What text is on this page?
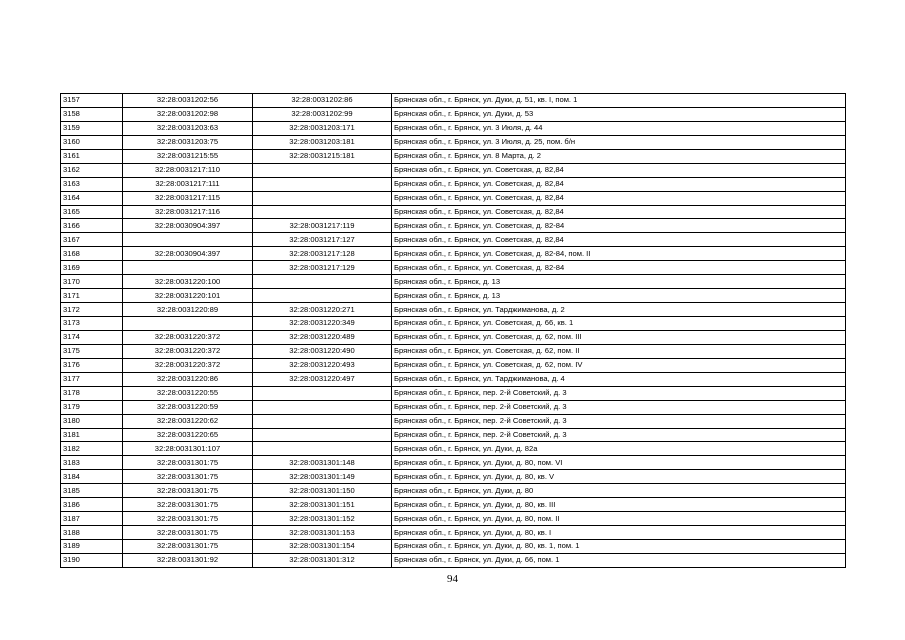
3157	32:28:0031202:56	32:28:0031202:86	Брянская обл., г. Брянск, ул. Дуки, д. 51, кв. I, пом. 1
3158	32:28:0031202:98	32:28:0031202:99	Брянская обл., г. Брянск, ул. Дуки, д. 53
3159	32:28:0031203:63	32:28:0031203:171	Брянская обл., г. Брянск, ул. 3 Июля, д. 44
3160	32:28:0031203:75	32:28:0031203:181	Брянская обл., г. Брянск, ул. 3 Июля, д. 25, пом. б/н
3161	32:28:0031215:55	32:28:0031215:181	Брянская обл., г. Брянск, ул. 8 Марта, д. 2
3162	32:28:0031217:110		Брянская обл., г. Брянск, ул. Советская, д. 82,84
3163	32:28:0031217:111		Брянская обл., г. Брянск, ул. Советская, д. 82,84
3164	32:28:0031217:115		Брянская обл., г. Брянск, ул. Советская, д. 82,84
3165	32:28:0031217:116		Брянская обл., г. Брянск, ул. Советская, д. 82,84
3166	32:28:0030904:397	32:28:0031217:119	Брянская обл., г. Брянск, ул. Советская, д. 82-84
3167		32:28:0031217:127	Брянская обл., г. Брянск, ул. Советская, д. 82,84
3168	32:28:0030904:397	32:28:0031217:128	Брянская обл., г. Брянск, ул. Советская, д. 82-84, пом. II
3169		32:28:0031217:129	Брянская обл., г. Брянск, ул. Советская, д. 82-84
3170	32:28:0031220:100		Брянская обл., г. Брянск, д. 13
3171	32:28:0031220:101		Брянская обл., г. Брянск, д. 13
3172	32:28:0031220:89	32:28:0031220:271	Брянская обл., г. Брянск, ул. Тарджиманова, д. 2
3173		32:28:0031220:349	Брянская обл., г. Брянск, ул. Советская, д. 66, кв. 1
3174	32:28:0031220:372	32:28:0031220:489	Брянская обл., г. Брянск, ул. Советская, д. 62, пом. III
3175	32:28:0031220:372	32:28:0031220:490	Брянская обл., г. Брянск, ул. Советская, д. 62, пом. II
3176	32:28:0031220:372	32:28:0031220:493	Брянская обл., г. Брянск, ул. Советская, д. 62, пом. IV
3177	32:28:0031220:86	32:28:0031220:497	Брянская обл., г. Брянск, ул. Тарджиманова, д. 4
3178	32:28:0031220:55		Брянская обл., г. Брянск, пер. 2-й Советский, д. 3
3179	32:28:0031220:59		Брянская обл., г. Брянск, пер. 2-й Советский, д. 3
3180	32:28:0031220:62		Брянская обл., г. Брянск, пер. 2-й Советский, д. 3
3181	32:28:0031220:65		Брянская обл., г. Брянск, пер. 2-й Советский, д. 3
3182	32:28:0031301:107		Брянская обл., г. Брянск, ул. Дуки, д. 82а
3183	32:28:0031301:75	32:28:0031301:148	Брянская обл., г. Брянск, ул. Дуки, д. 80, пом. VI
3184	32:28:0031301:75	32:28:0031301:149	Брянская обл., г. Брянск, ул. Дуки, д. 80, кв. V
3185	32:28:0031301:75	32:28:0031301:150	Брянская обл., г. Брянск, ул. Дуки, д. 80
3186	32:28:0031301:75	32:28:0031301:151	Брянская обл., г. Брянск, ул. Дуки, д. 80, кв. III
3187	32:28:0031301:75	32:28:0031301:152	Брянская обл., г. Брянск, ул. Дуки, д. 80, пом. II
3188	32:28:0031301:75	32:28:0031301:153	Брянская обл., г. Брянск, ул. Дуки, д. 80, кв. I
3189	32:28:0031301:75	32:28:0031301:154	Брянская обл., г. Брянск, ул. Дуки, д. 80, кв. 1, пом. 1
3190	32:28:0031301:92	32:28:0031301:312	Брянская обл., г. Брянск, ул. Дуки, д. 66, пом. 1
94
